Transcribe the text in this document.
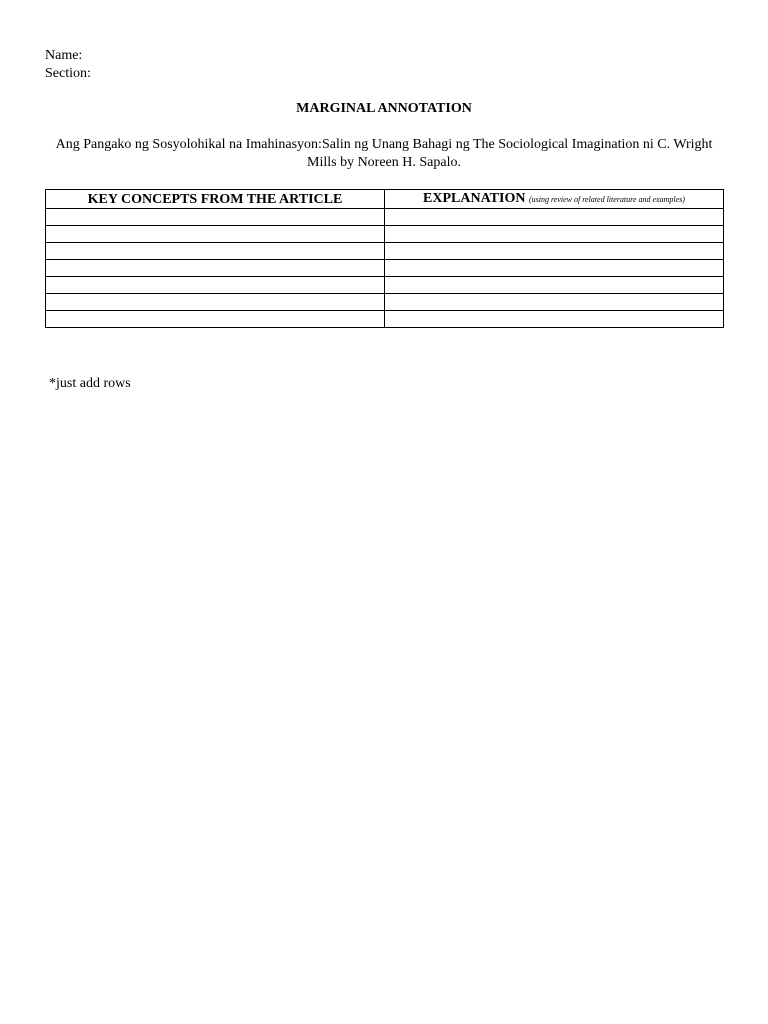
Name:
Section:
MARGINAL ANNOTATION
Ang Pangako ng Sosyolohikal na Imahinasyon:Salin ng Unang Bahagi ng The Sociological Imagination ni C. Wright Mills by Noreen H. Sapalo.
KEY CONCEPTS FROM THE ARTICLE	EXPLANATION (using review of related literature and examples)

*just add rows
